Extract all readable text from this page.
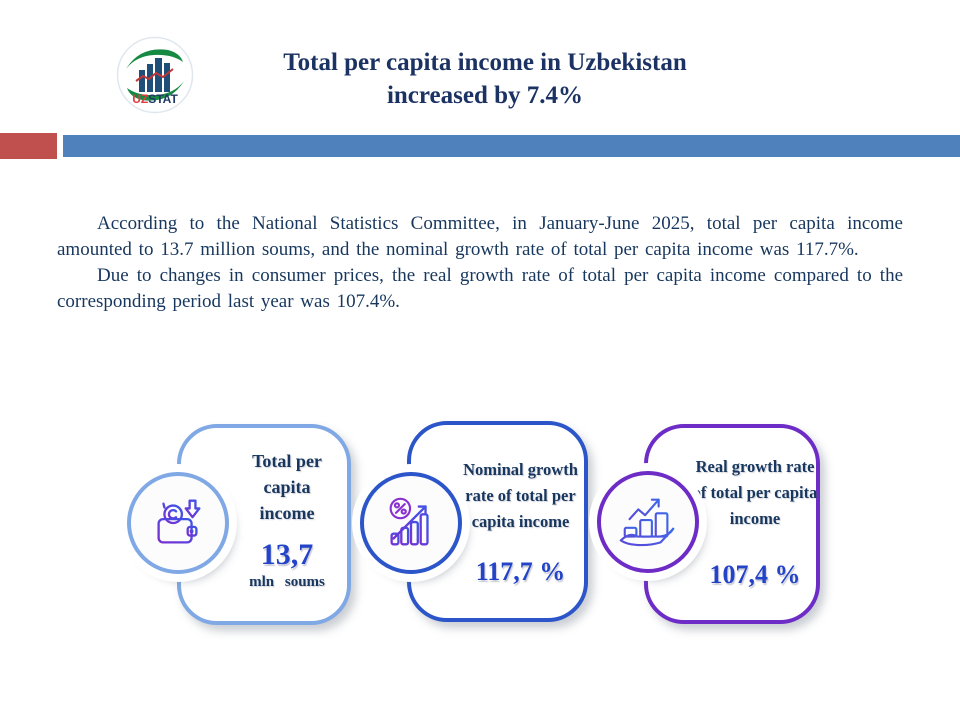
UZSTAT
Total per capita income in Uzbekistan
increased by 7.4%

According to the National Statistics Committee, in January-June 2025, total per capita income amounted to 13.7 million soums, and the nominal growth rate of total per capita income was 117.7%.

Due to changes in consumer prices, the real growth rate of total per capita income compared to the corresponding period last year was 107.4%.

Total per capita income
13,7
mln soums
Nominal growth rate of total per capita income
117,7 %
Real growth rate of total per capita income
107,4 %
